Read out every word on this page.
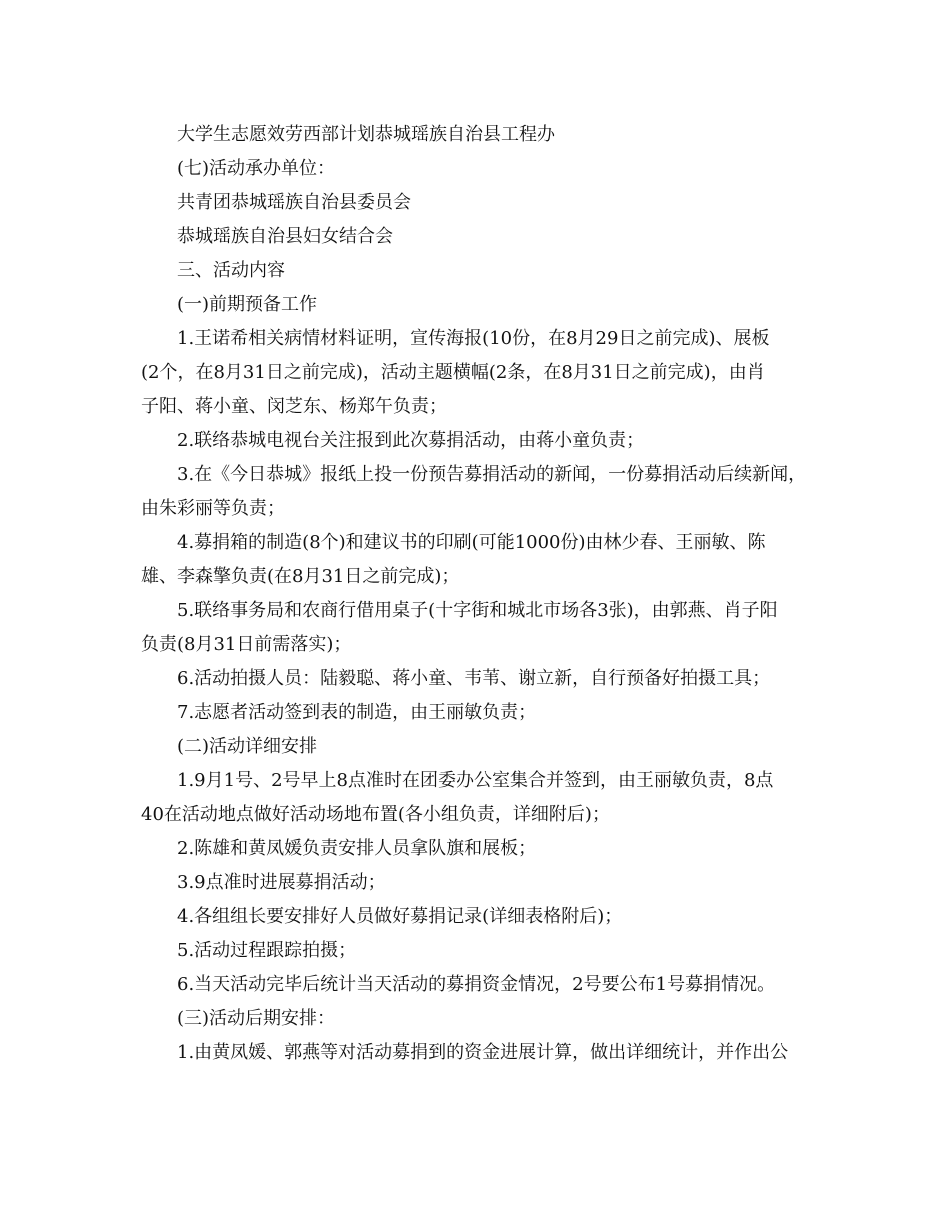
大学生志愿效劳西部计划恭城瑶族自治县工程办
(七)活动承办单位：
共青团恭城瑶族自治县委员会
恭城瑶族自治县妇女结合会
三、活动内容
(一)前期预备工作
1.王诺希相关病情材料证明，宣传海报(10份，在8月29日之前完成)、展板
(2个，在8月31日之前完成)，活动主题横幅(2条，在8月31日之前完成)，由肖
子阳、蒋小童、闵芝东、杨郑午负责；
2.联络恭城电视台关注报到此次募捐活动，由蒋小童负责；
3.在《今日恭城》报纸上投一份预告募捐活动的新闻，一份募捐活动后续新闻，
由朱彩丽等负责；
4.募捐箱的制造(8个)和建议书的印刷(可能1000份)由林少春、王丽敏、陈
雄、李森擎负责(在8月31日之前完成)；
5.联络事务局和农商行借用桌子(十字街和城北市场各3张)，由郭燕、肖子阳
负责(8月31日前需落实)；
6.活动拍摄人员：陆毅聪、蒋小童、韦苇、谢立新，自行预备好拍摄工具；
7.志愿者活动签到表的制造，由王丽敏负责；
(二)活动详细安排
1.9月1号、2号早上8点准时在团委办公室集合并签到，由王丽敏负责，8点
40在活动地点做好活动场地布置(各小组负责，详细附后)；
2.陈雄和黄凤媛负责安排人员拿队旗和展板；
3.9点准时进展募捐活动；
4.各组组长要安排好人员做好募捐记录(详细表格附后)；
5.活动过程跟踪拍摄；
6.当天活动完毕后统计当天活动的募捐资金情况，2号要公布1号募捐情况。
(三)活动后期安排：
1.由黄凤媛、郭燕等对活动募捐到的资金进展计算，做出详细统计，并作出公
